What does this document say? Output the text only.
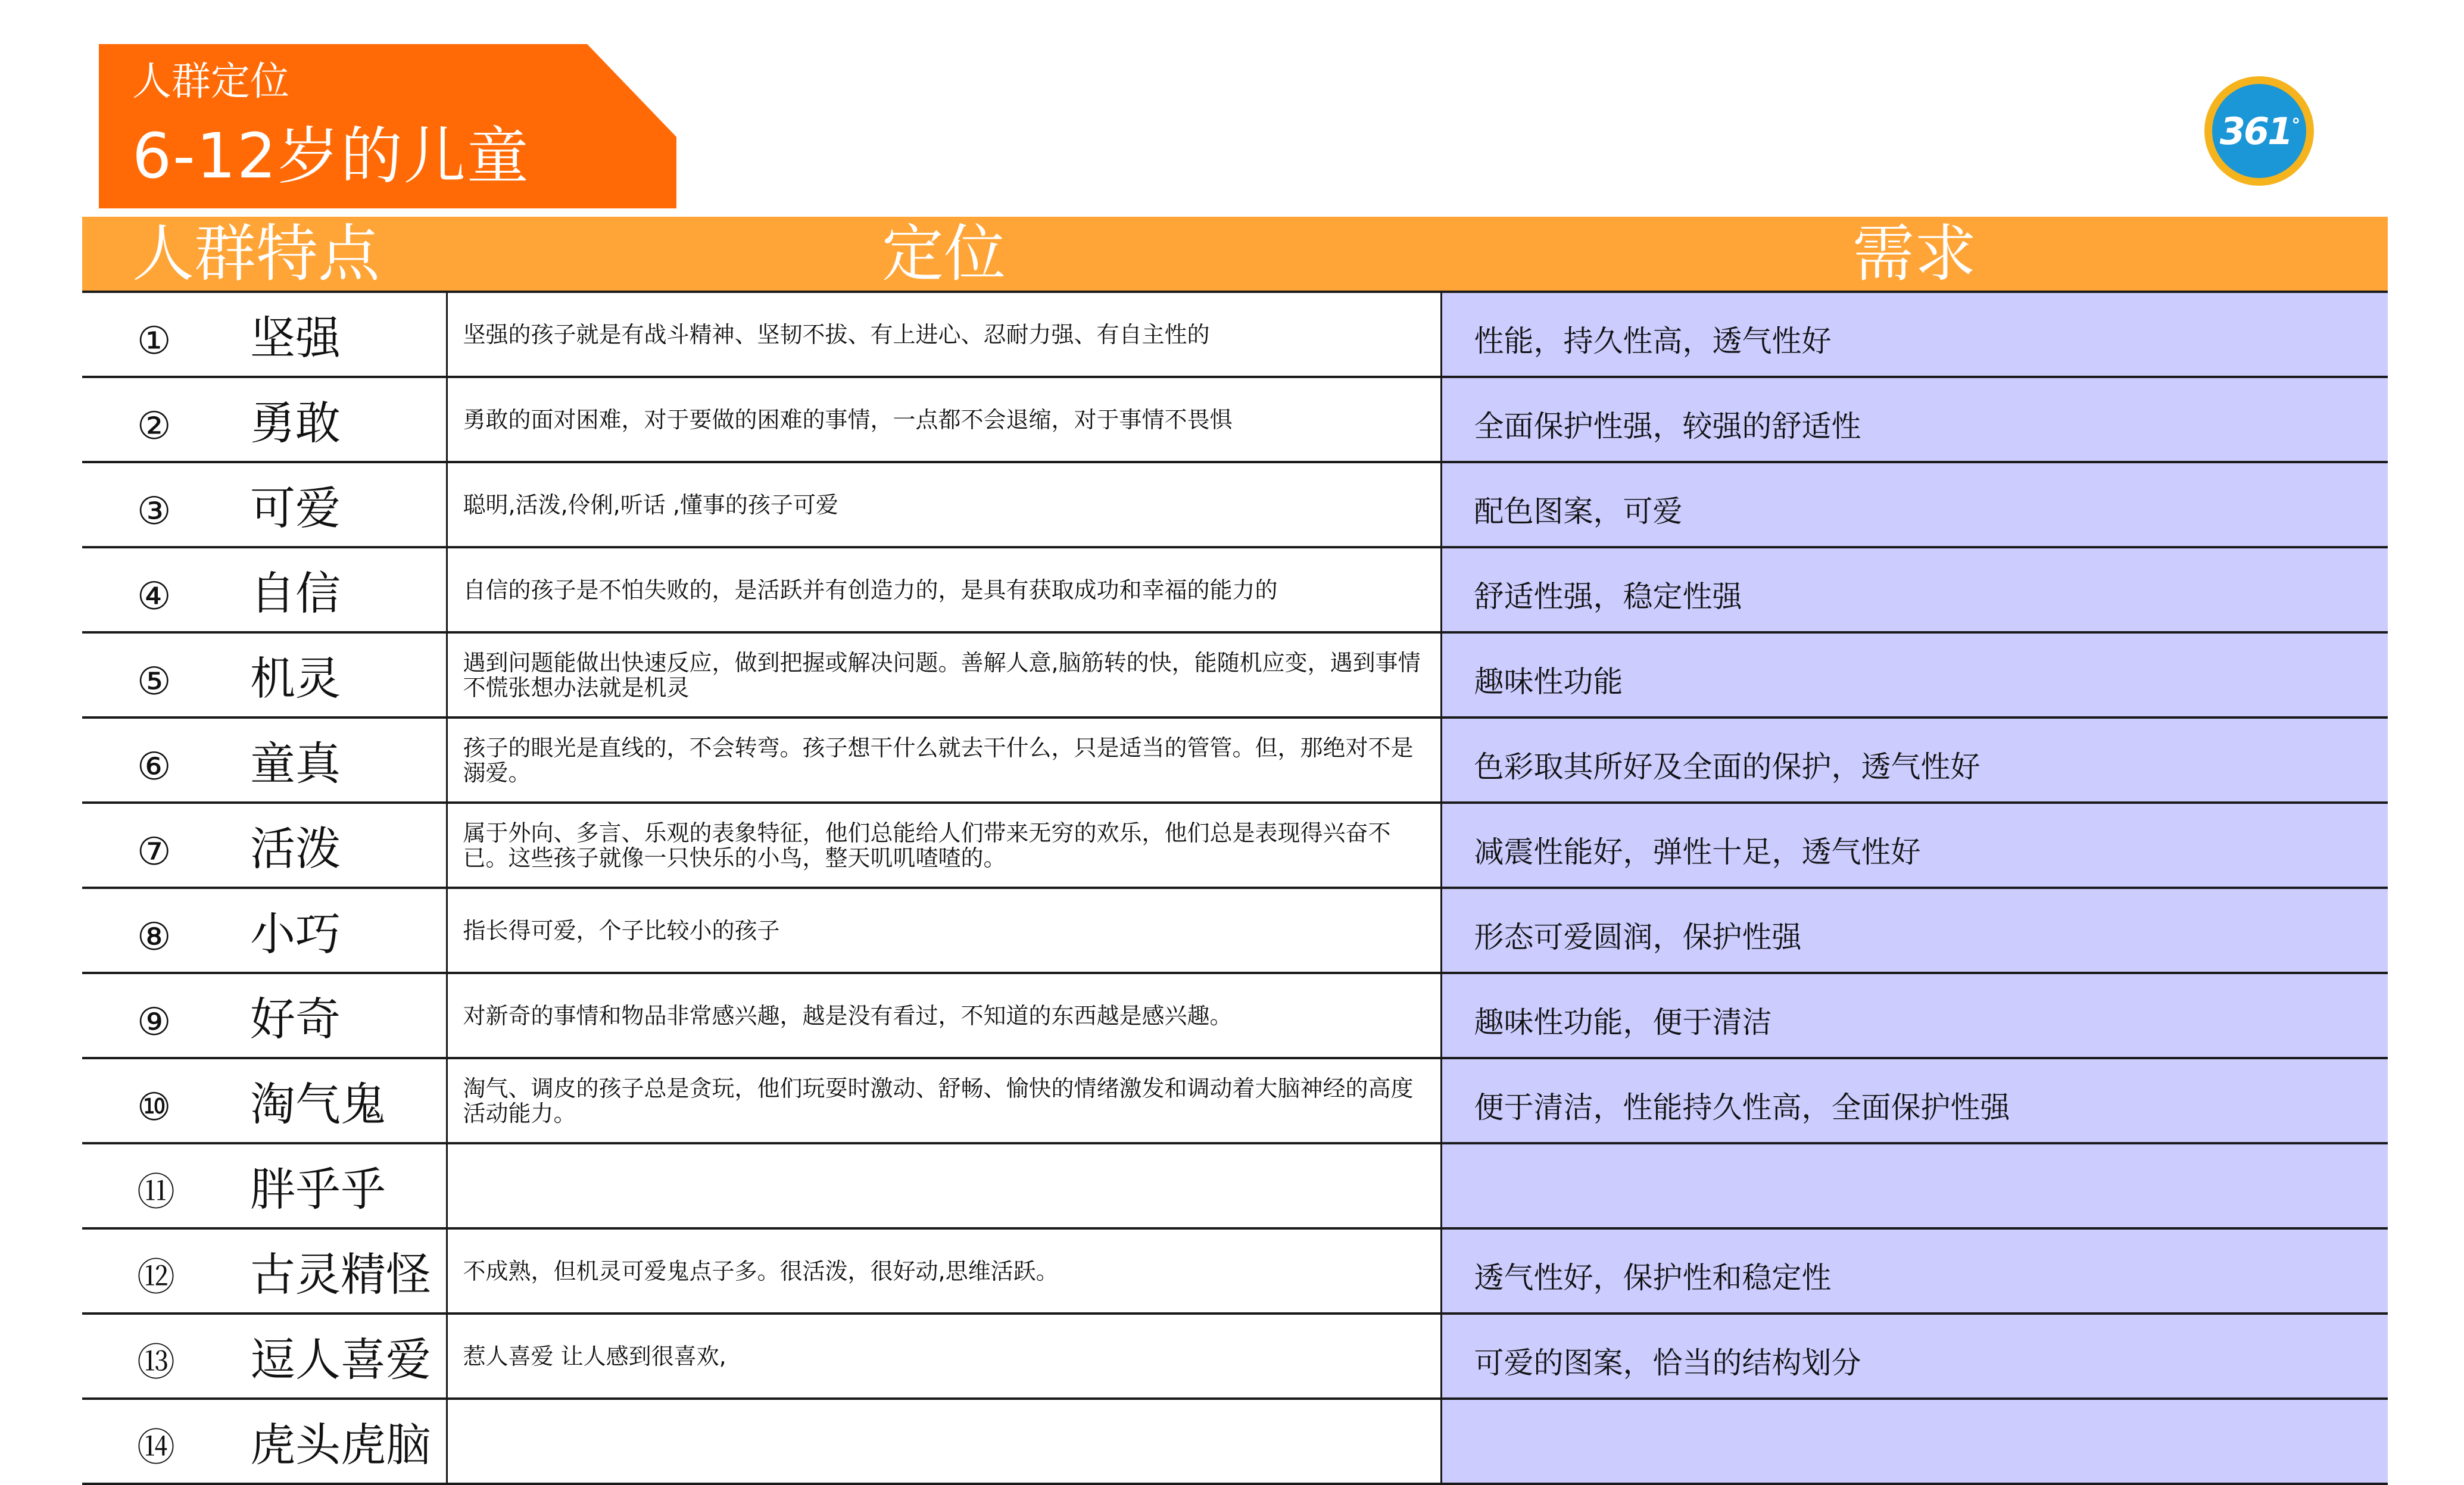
人群定位
6-12岁的儿童	361°
人群特点	定位	需求
① 坚强	坚强的孩子就是有战斗精神、坚韧不拔、有上进心、忍耐力强、有自主性的	性能，持久性高，透气性好
② 勇敢	勇敢的面对困难，对于要做的困难的事情，一点都不会退缩，对于事情不畏惧	全面保护性强，较强的舒适性
③ 可爱	聪明,活泼,伶俐,听话 ,懂事的孩子可爱	配色图案，可爱
④ 自信	自信的孩子是不怕失败的，是活跃并有创造力的，是具有获取成功和幸福的能力的	舒适性强，稳定性强
⑤ 机灵	遇到问题能做出快速反应，做到把握或解决问题。善解人意,脑筋转的快，能随机应变，遇到事情不慌张想办法就是机灵	趣味性功能
⑥ 童真	孩子的眼光是直线的，不会转弯。孩子想干什么就去干什么，只是适当的管管。但，那绝对不是溺爱。	色彩取其所好及全面的保护，透气性好
⑦ 活泼	属于外向、多言、乐观的表象特征，他们总能给人们带来无穷的欢乐，他们总是表现得兴奋不已。这些孩子就像一只快乐的小鸟，整天叽叽喳喳的。	减震性能好，弹性十足，透气性好
⑧ 小巧	指长得可爱，个子比较小的孩子	形态可爱圆润，保护性强
⑨ 好奇	对新奇的事情和物品非常感兴趣，越是没有看过，不知道的东西越是感兴趣。	趣味性功能，便于清洁
⑩ 淘气鬼	淘气、调皮的孩子总是贪玩，他们玩耍时激动、舒畅、愉快的情绪激发和调动着大脑神经的高度活动能力。	便于清洁，性能持久性高，全面保护性强
⑪ 胖乎乎		
⑫ 古灵精怪	不成熟，但机灵可爱鬼点子多。很活泼，很好动,思维活跃。	透气性好，保护性和稳定性
⑬ 逗人喜爱	惹人喜爱 让人感到很喜欢,	可爱的图案，恰当的结构划分
⑭ 虎头虎脑		
